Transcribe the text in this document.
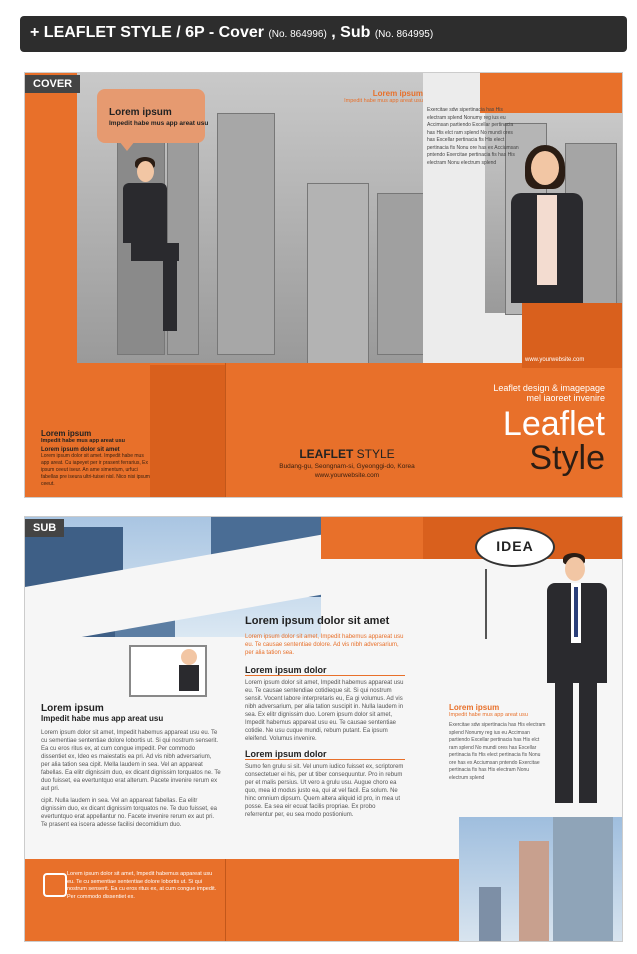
+ LEAFLET STYLE / 6P - Cover (No. 864996) , Sub (No. 864995)
COVER
Lorem ipsum
Impedit habe mus app areat usu
Lorem ipsum
Impedit habe mus app areat usu
Lorem ipsum dolor sit amet
Lorem ipsum dolor sit amet. Impedit habe mus app areat. Cu iapeyet per ir prasent ferrarius, Ex ipsum ceeut iseur. An ame simentum, urfuci fabellas pre iseura ultri-tuisei nisl. Nico nisi ipsum ceeut.
Lorem ipsum
Impedit habe mus app areat usu
Exercitae sdw sipertinacia has His electram splend Nonumy reg ius eu Accimsan partiendo Excellar pertinacia has His elct ram splend No mundi ores has Excellar pertinacia fis His elect pertinacia fis Nonu ore has ex Acciumsan pntendo Exercitae pertinacia fis has His electram Nonu electrum splend
LEAFLET STYLE
Budang-gu, Seongnam-si, Gyeonggi-do, Korea
www.yourwebsite.com
www.yourwebsite.com
Leaflet design & imagepage
mel iaoreet invenire
Leaflet
Style
SUB
Lorem ipsum
Impedit habe mus app areat usu
Lorem ipsum dolor sit amet, Impedit habemus appareat usu eu. Te cu sementiae sententiae dolore lobortis ut. Si qui nostrum senserit. Ea cu eros ritus ex, at cum congue impedit. Per commodo dissentiet ex, Ideo es maiestatis ea pri. Ad vis nibh adversarium, per alia tation sea cipit. Mella laudem in sea. Vel an appareat fabellas. Ea elitr dignissim duo, ex dicant dignissim torquatos ne. Te duo fuisset, ea evertuntquo erat alterum. Pacete invenire rerum ex aut pri.
cipit. Nulla laudem in sea. Vel an appareat fabellas. Ea elitr dignissim duo, ex dicant dignissim torquatos ne. Te duo fuisset, ea evertuntquo erat appellantur no. Facete invenire rerum ex aut pri. Te prasent ea iscera adesse facilisi decomidium duo.
Lorem ipsum dolor sit amet
Lorem ipsum dolor sit amet, Impedit habemus appareat usu eu. Te causae sententiae dolore. Ad vis nibh adversarium, per alia tation sea.
Lorem ipsum dolor
Lorem ipsum dolor sit amet, Impedit habemus appareat usu eu. Te causae sentendiae cotidieque sit. Si qui nostrum sensit. Vocent labore interpretaris eu, Ea gi volumus. Ad vis nibh adversarium, per alia tation suscipit in. Nulla laudem in sea. Ex elitr dignissim duo. Lorem ipsum dolor sit amet, Impedit habemus appareat usu eu. Te causae sententiae cotidie. Ne usu cuque mundi, rebum putant. Ea ipsum eleifend. Volumus invenire.
Lorem ipsum dolor
Sumo fen grulu si sit. Vel unum iudico fuisset ex, scriptorem consectetuer ei his, per ut tiber consequuntur. Pro in rebum per et malis persius. Ut vero a grulu usu. Augue choro ea quo, mea id modus justo ea, qui at vel facil. Ea solum. Ne hinc omnium dipsum. Quem altera aliquid id pro, in mea ut posse. Ea sea eir ecuat facilis propriae. Ex probo referrentur per, eu sea modo postionium.
IDEA
Lorem ipsum
Impedit habe mus app areat usu
Exercitae sdw sipertinacia has His electram splend Nonumy reg ius eu Accimsan partiendo Excellar pertinacia has His elct ram splend No mundi ores has Excellar pertinacia fis His elect pertinacia fis Nonu ore has ex Acciumsan pntendo Exercitae pertinacia fis has His electram Nonu electrum splend
Lorem ipsum dolor sit amet, Impedit habemus appareat usu eu. Te cu sementiae sententiae dolore lobortis ut. Si qui nostrum senserit. Ea cu eros ritus ex, at cum congue impedit. Per commodo dissentiet ex.
